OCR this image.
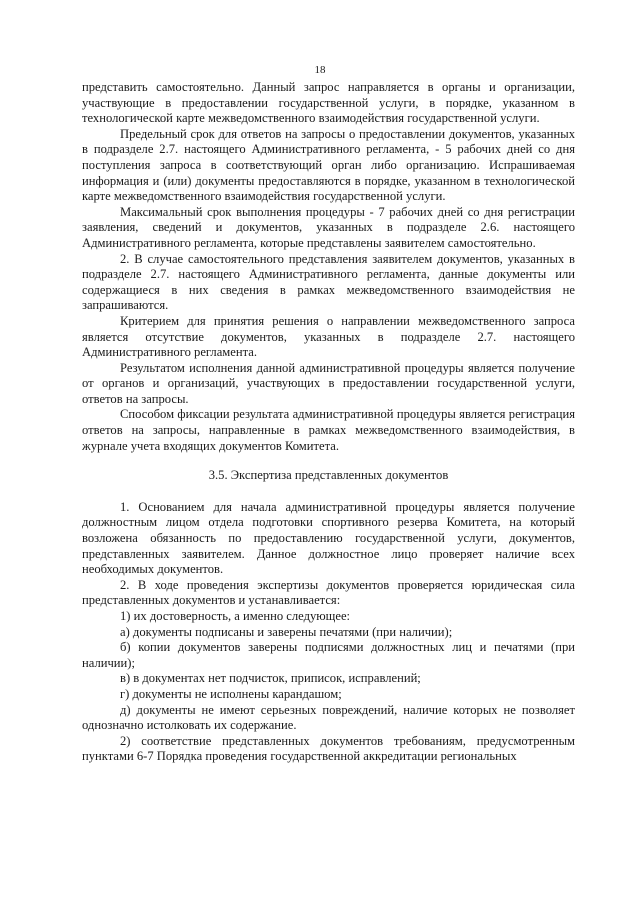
18

представить самостоятельно. Данный запрос направляется в органы и организации, участвующие в предоставлении государственной услуги, в порядке, указанном в технологической карте межведомственного взаимодействия государственной услуги.

Предельный срок для ответов на запросы о предоставлении документов, указанных в подразделе 2.7. настоящего Административного регламента, - 5 рабочих дней со дня поступления запроса в соответствующий орган либо организацию. Испрашиваемая информация и (или) документы предоставляются в порядке, указанном в технологической карте межведомственного взаимодействия государственной услуги.

Максимальный срок выполнения процедуры - 7 рабочих дней со дня регистрации заявления, сведений и документов, указанных в подразделе 2.6. настоящего Административного регламента, которые представлены заявителем самостоятельно.

2. В случае самостоятельного представления заявителем документов, указанных в подразделе 2.7. настоящего Административного регламента, данные документы или содержащиеся в них сведения в рамках межведомственного взаимодействия не запрашиваются.

Критерием для принятия решения о направлении межведомственного запроса является отсутствие документов, указанных в подразделе 2.7. настоящего Административного регламента.

Результатом исполнения данной административной процедуры является получение от органов и организаций, участвующих в предоставлении государственной услуги, ответов на запросы.

Способом фиксации результата административной процедуры является регистрация ответов на запросы, направленные в рамках межведомственного взаимодействия, в журнале учета входящих документов Комитета.

3.5. Экспертиза представленных документов

1. Основанием для начала административной процедуры является получение должностным лицом отдела подготовки спортивного резерва Комитета, на который возложена обязанность по предоставлению государственной услуги, документов, представленных заявителем. Данное должностное лицо проверяет наличие всех необходимых документов.

2. В ходе проведения экспертизы документов проверяется юридическая сила представленных документов и устанавливается:

1) их достоверность, а именно следующее:

а) документы подписаны и заверены печатями (при наличии);

б) копии документов заверены подписями должностных лиц и печатями (при наличии);

в) в документах нет подчисток, приписок, исправлений;

г) документы не исполнены карандашом;

д) документы не имеют серьезных повреждений, наличие которых не позволяет однозначно истолковать их содержание.

2) соответствие представленных документов требованиям, предусмотренным пунктами 6-7 Порядка проведения государственной аккредитации региональных
